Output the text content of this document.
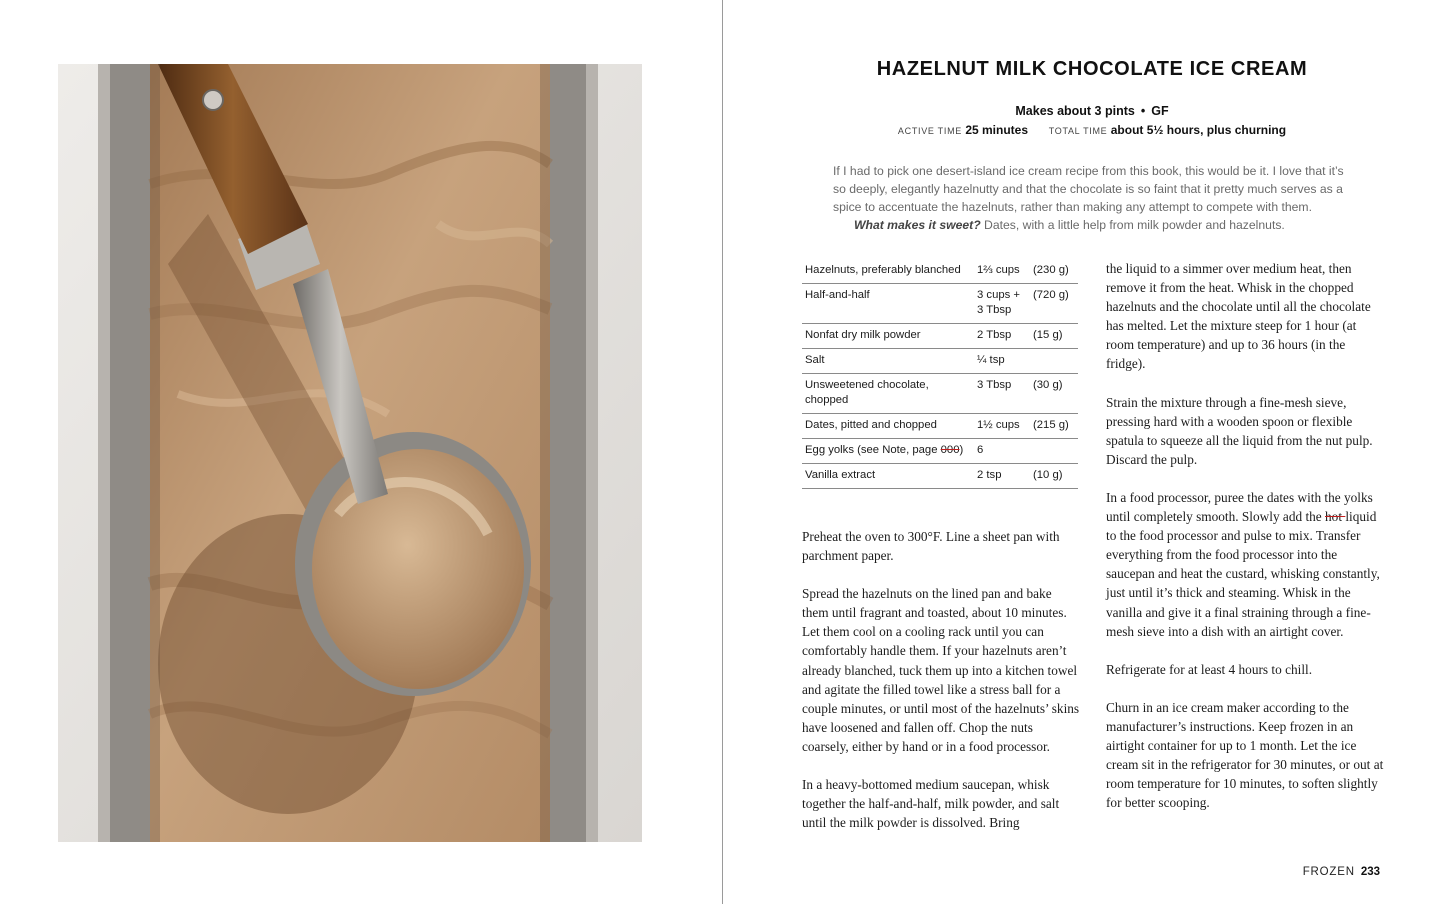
HAZELNUT MILK CHOCOLATE ICE CREAM
Makes about 3 pints • GF
ACTIVE TIME 25 minutes TOTAL TIME about 5½ hours, plus churning

If I had to pick one desert-island ice cream recipe from this book, this would be it. I love that it’s so deeply, elegantly hazelnutty and that the chocolate is so faint that it pretty much serves as a spice to accentuate the hazelnuts, rather than making any attempt to compete with them.

What makes it sweet? Dates, with a little help from milk powder and hazelnuts.

Hazelnuts, preferably blanched	1⅔ cups	(230 g)
Half-and-half	3 cups + 3 Tbsp	(720 g)
Nonfat dry milk powder	2 Tbsp	(15 g)
Salt	¼ tsp	
Unsweetened chocolate, chopped	3 Tbsp	(30 g)
Dates, pitted and chopped	1½ cups	(215 g)
Egg yolks (see Note, page 000)	6	
Vanilla extract	2 tsp	(10 g)

Preheat the oven to 300°F. Line a sheet pan with parchment paper.

Spread the hazelnuts on the lined pan and bake them until fragrant and toasted, about 10 minutes. Let them cool on a cooling rack until you can comfortably handle them. If your hazelnuts aren’t already blanched, tuck them up into a kitchen towel and agitate the filled towel like a stress ball for a couple minutes, or until most of the hazelnuts’ skins have loosened and fallen off. Chop the nuts coarsely, either by hand or in a food processor.

In a heavy-bottomed medium saucepan, whisk together the half-and-half, milk powder, and salt until the milk powder is dissolved. Bring

the liquid to a simmer over medium heat, then remove it from the heat. Whisk in the chopped hazelnuts and the chocolate until all the chocolate has melted. Let the mixture steep for 1 hour (at room temperature) and up to 36 hours (in the fridge).

Strain the mixture through a fine-mesh sieve, pressing hard with a wooden spoon or flexible spatula to squeeze all the liquid from the nut pulp. Discard the pulp.

In a food processor, puree the dates with the yolks until completely smooth. Slowly add the hot liquid to the food processor and pulse to mix. Transfer everything from the food processor into the saucepan and heat the custard, whisking constantly, just until it’s thick and steaming. Whisk in the vanilla and give it a final straining through a fine-mesh sieve into a dish with an airtight cover.

Refrigerate for at least 4 hours to chill.

Churn in an ice cream maker according to the manufacturer’s instructions. Keep frozen in an airtight container for up to 1 month. Let the ice cream sit in the refrigerator for 30 minutes, or out at room temperature for 10 minutes, to soften slightly for better scooping.

FROZEN 233
